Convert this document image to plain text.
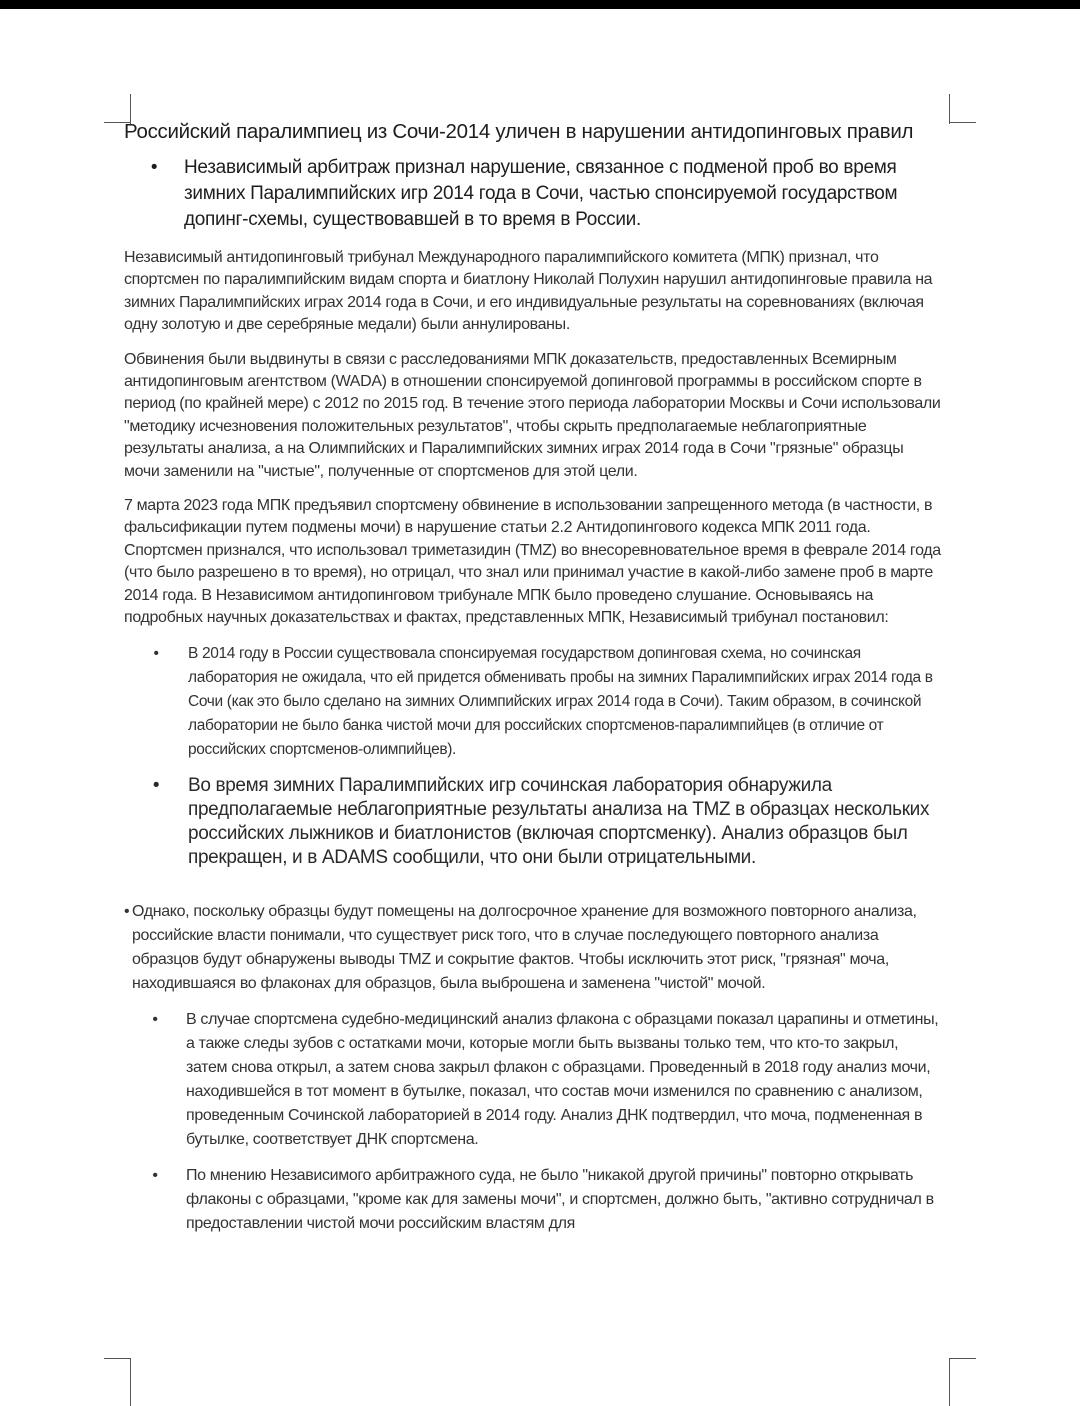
Российский паралимпиец из Сочи-2014 уличен в нарушении антидопинговых правил
•	Независимый арбитраж признал нарушение, связанное с подменой проб во время зимних Паралимпийских игр 2014 года в Сочи, частью спонсируемой государством допинг-схемы, существовавшей в то время в России.

Независимый антидопинговый трибунал Международного паралимпийского комитета (МПК) признал, что спортсмен по паралимпийским видам спорта и биатлону Николай Полухин нарушил антидопинговые правила на зимних Паралимпийских играх 2014 года в Сочи, и его индивидуальные результаты на соревнованиях (включая одну золотую и две серебряные медали) были аннулированы.

Обвинения были выдвинуты в связи с расследованиями МПК доказательств, предоставленных Всемирным антидопинговым агентством (WADA) в отношении спонсируемой допинговой программы в российском спорте в период (по крайней мере) с 2012 по 2015 год. В течение этого периода лаборатории Москвы и Сочи использовали "методику исчезновения положительных результатов", чтобы скрыть предполагаемые неблагоприятные результаты анализа, а на Олимпийских и Паралимпийских зимних играх 2014 года в Сочи "грязные" образцы мочи заменили на "чистые", полученные от спортсменов для этой цели.

7 марта 2023 года МПК предъявил спортсмену обвинение в использовании запрещенного метода (в частности, в фальсификации путем подмены мочи) в нарушение статьи 2.2 Антидопингового кодекса МПК 2011 года. Спортсмен признался, что использовал триметазидин (TMZ) во внесоревновательное время в феврале 2014 года (что было разрешено в то время), но отрицал, что знал или принимал участие в какой-либо замене проб в марте 2014 года. В Независимом антидопинговом трибунале МПК было проведено слушание. Основываясь на подробных научных доказательствах и фактах, представленных МПК, Независимый трибунал постановил:

•	В 2014 году в России существовала спонсируемая государством допинговая схема, но сочинская лаборатория не ожидала, что ей придется обменивать пробы на зимних Паралимпийских играх 2014 года в Сочи (как это было сделано на зимних Олимпийских играх 2014 года в Сочи). Таким образом, в сочинской лаборатории не было банка чистой мочи для российских спортсменов-паралимпийцев (в отличие от российских спортсменов-олимпийцев).
•	Во время зимних Паралимпийских игр сочинская лаборатория обнаружила предполагаемые неблагоприятные результаты анализа на TMZ в образцах нескольких российских лыжников и биатлонистов (включая спортсменку). Анализ образцов был прекращен, и в ADAMS сообщили, что они были отрицательными.
• Однако, поскольку образцы будут помещены на долгосрочное хранение для возможного повторного анализа, российские власти понимали, что существует риск того, что в случае последующего повторного анализа образцов будут обнаружены выводы TMZ и сокрытие фактов. Чтобы исключить этот риск, "грязная" моча, находившаяся во флаконах для образцов, была выброшена и заменена "чистой" мочой.
•	В случае спортсмена судебно-медицинский анализ флакона с образцами показал царапины и отметины, а также следы зубов с остатками мочи, которые могли быть вызваны только тем, что кто-то закрыл, затем снова открыл, а затем снова закрыл флакон с образцами. Проведенный в 2018 году анализ мочи, находившейся в тот момент в бутылке, показал, что состав мочи изменился по сравнению с анализом, проведенным Сочинской лабораторией в 2014 году. Анализ ДНК подтвердил, что моча, подмененная в бутылке, соответствует ДНК спортсмена.
•	По мнению Независимого арбитражного суда, не было "никакой другой причины" повторно открывать флаконы с образцами, "кроме как для замены мочи", и спортсмен, должно быть, "активно сотрудничал в предоставлении чистой мочи российским властям для
